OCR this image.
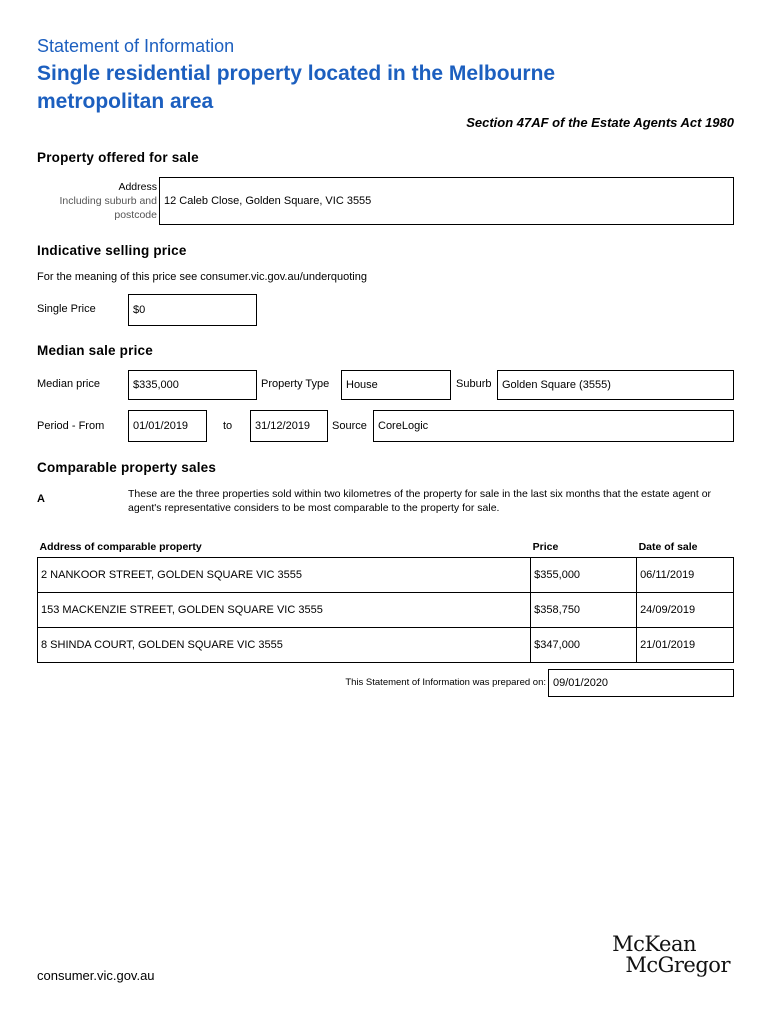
Statement of Information
Single residential property located in the Melbourne metropolitan area
Section 47AF of the Estate Agents Act 1980
Property offered for sale
Address
Including suburb and
postcode
12 Caleb Close, Golden Square, VIC 3555
Indicative selling price
For the meaning of this price see consumer.vic.gov.au/underquoting
Single Price	$0
Median sale price
Median price	$335,000	Property Type House	Suburb Golden Square (3555)
Period - From	01/01/2019	to 31/12/2019 Source CoreLogic
Comparable property sales
A	These are the three properties sold within two kilometres of the property for sale in the last six months that the estate agent or agent's representative considers to be most comparable to the property for sale.
Address of comparable property	Price	Date of sale
2 NANKOOR STREET, GOLDEN SQUARE VIC 3555	$355,000	06/11/2019
153 MACKENZIE STREET, GOLDEN SQUARE VIC 3555	$358,750	24/09/2019
8 SHINDA COURT, GOLDEN SQUARE VIC 3555	$347,000	21/01/2019
This Statement of Information was prepared on: 09/01/2020
consumer.vic.gov.au
McKean
McGregor
